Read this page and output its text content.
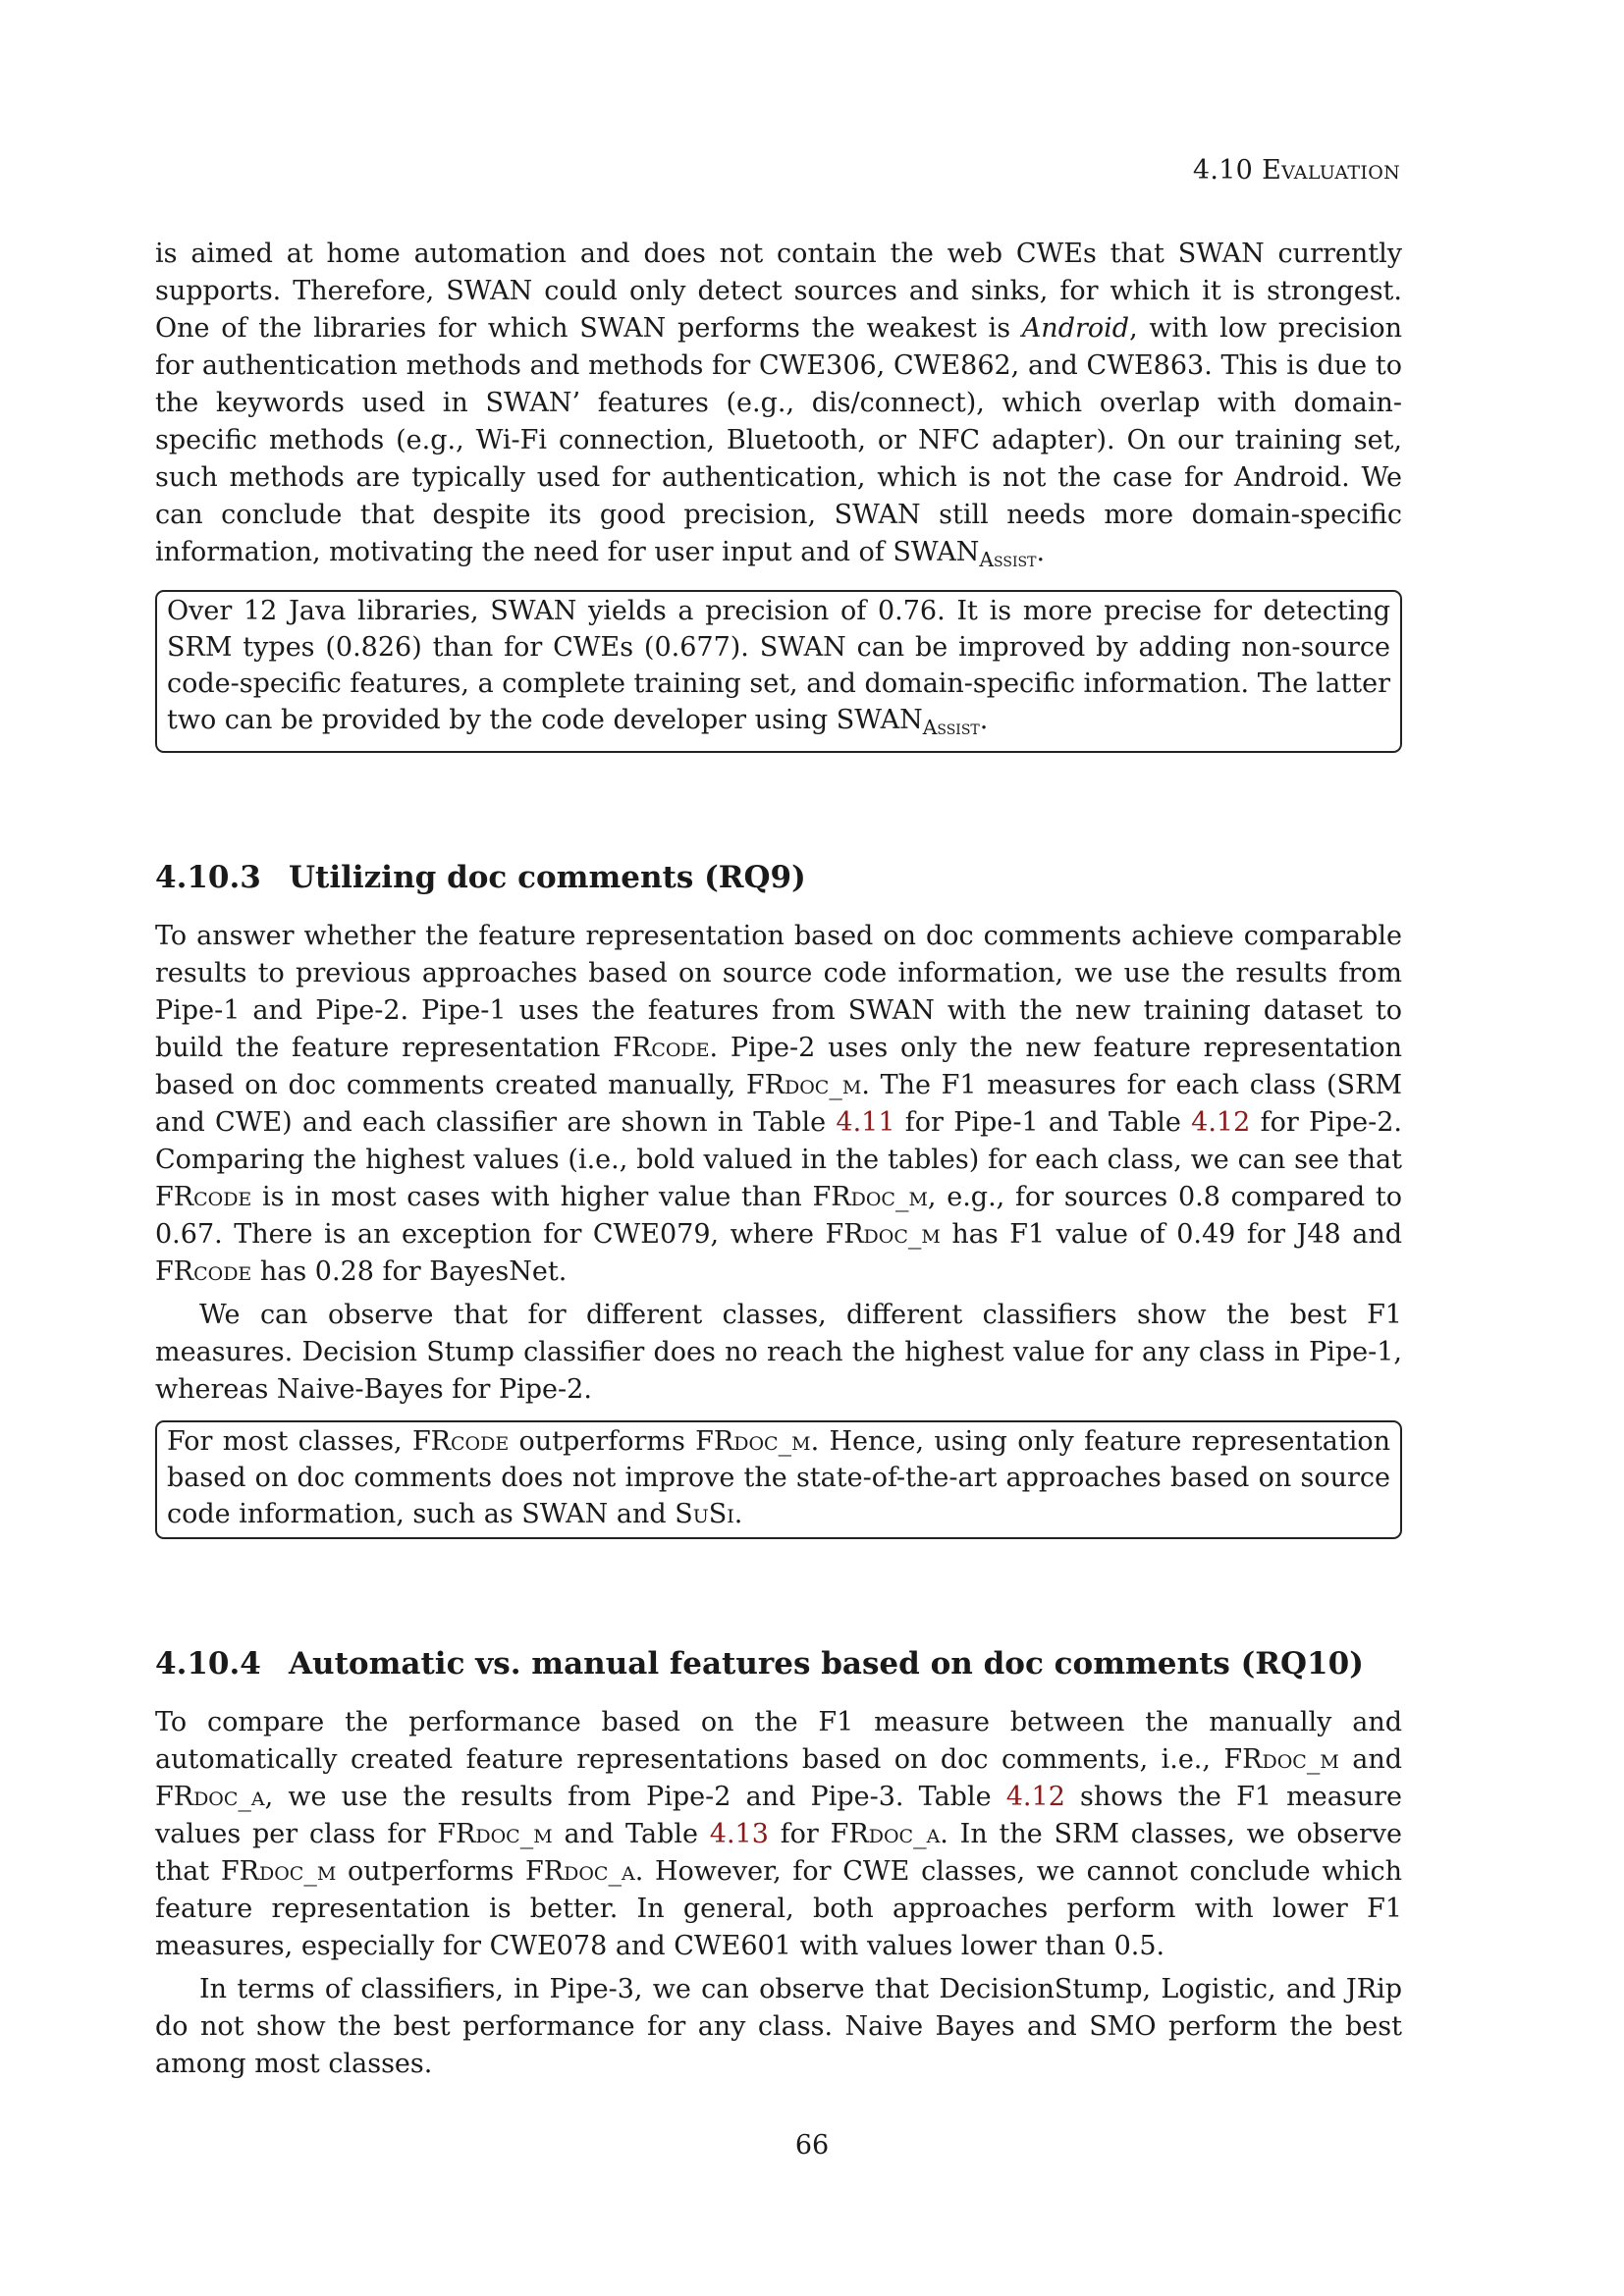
4.10 Evaluation

is aimed at home automation and does not contain the web CWEs that SWAN currently supports. Therefore, SWAN could only detect sources and sinks, for which it is strongest. One of the libraries for which SWAN performs the weakest is Android, with low precision for authentication methods and methods for CWE306, CWE862, and CWE863. This is due to the keywords used in SWAN’ features (e.g., dis/connect), which overlap with domain-specific methods (e.g., Wi-Fi connection, Bluetooth, or NFC adapter). On our training set, such methods are typically used for authentication, which is not the case for Android. We can conclude that despite its good precision, SWAN still needs more domain-specific information, motivating the need for user input and of $SWAN_{Assist}$.

Over 12 Java libraries, SWAN yields a precision of 0.76. It is more precise for detecting SRM types (0.826) than for CWEs (0.677). SWAN can be improved by adding non-source code-specific features, a complete training set, and domain-specific information. The latter two can be provided by the code developer using $SWAN_{Assist}$.

4.10.3 Utilizing doc comments (RQ9)

To answer whether the feature representation based on doc comments achieve comparable results to previous approaches based on source code information, we use the results from Pipe-1 and Pipe-2. Pipe-1 uses the features from SWAN with the new training dataset to build the feature representation FRcode. Pipe-2 uses only the new feature representation based on doc comments created manually, FRdoc_m. The F1 measures for each class (SRM and CWE) and each classifier are shown in Table 4.11 for Pipe-1 and Table 4.12 for Pipe-2. Comparing the highest values (i.e., bold valued in the tables) for each class, we can see that FRcode is in most cases with higher value than FRdoc_m, e.g., for sources 0.8 compared to 0.67. There is an exception for CWE079, where FRdoc_m has F1 value of 0.49 for J48 and FRcode has 0.28 for BayesNet.

We can observe that for different classes, different classifiers show the best F1 measures. Decision Stump classifier does no reach the highest value for any class in Pipe-1, whereas Naive-Bayes for Pipe-2.

For most classes, FRcode outperforms FRdoc_m. Hence, using only feature representation based on doc comments does not improve the state-of-the-art approaches based on source code information, such as SWAN and SuSi.

4.10.4 Automatic vs. manual features based on doc comments (RQ10)

To compare the performance based on the F1 measure between the manually and automatically created feature representations based on doc comments, i.e., FRdoc_m and FRdoc_a, we use the results from Pipe-2 and Pipe-3. Table 4.12 shows the F1 measure values per class for FRdoc_m and Table 4.13 for FRdoc_a. In the SRM classes, we observe that FRdoc_m outperforms FRdoc_a. However, for CWE classes, we cannot conclude which feature representation is better. In general, both approaches perform with lower F1 measures, especially for CWE078 and CWE601 with values lower than 0.5.

In terms of classifiers, in Pipe-3, we can observe that DecisionStump, Logistic, and JRip do not show the best performance for any class. Naive Bayes and SMO perform the best among most classes.

66
